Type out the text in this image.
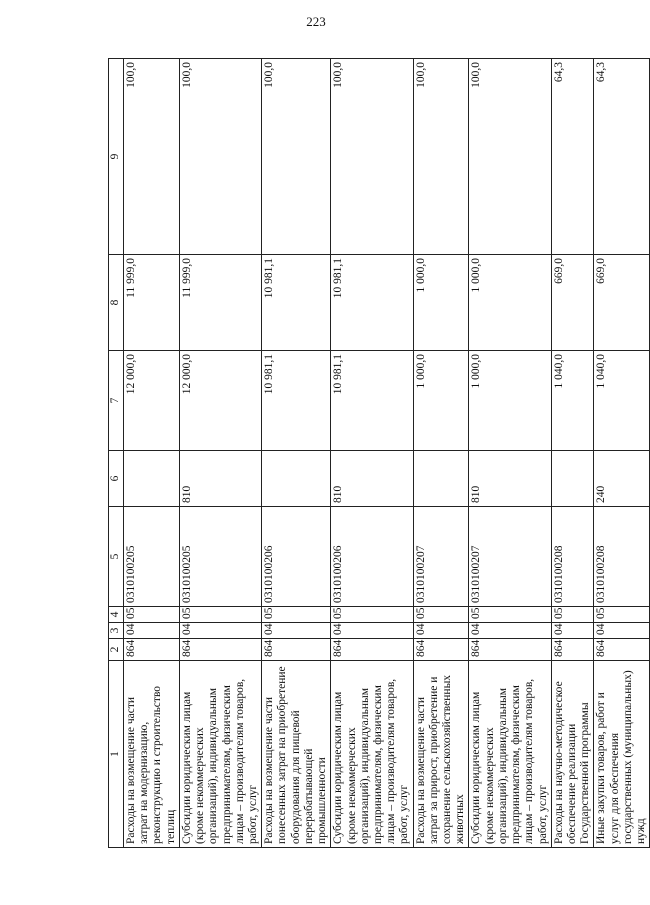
223
1	2	3	4	5	6	7	8	9
Расходы на возмещение части затрат на модернизацию, реконструкцию и строительство теплиц	864	04	05	0310100205		12 000,0	11 999,0	100,0
Субсидии юридическим лицам (кроме некоммерческих организаций), индивидуальным предпринимателям, физическим лицам – производителям товаров, работ, услуг	864	04	05	0310100205	810	12 000,0	11 999,0	100,0
Расходы на возмещение части понесенных затрат на приобретение оборудования для пищевой перерабатывающей промышленности	864	04	05	0310100206		10 981,1	10 981,1	100,0
Субсидии юридическим лицам (кроме некоммерческих организаций), индивидуальным предпринимателям, физическим лицам – производителям товаров, работ, услуг	864	04	05	0310100206	810	10 981,1	10 981,1	100,0
Расходы на возмещение части затрат за прирост, приобретение и сохранение сельскохозяйственных животных	864	04	05	0310100207		1 000,0	1 000,0	100,0
Субсидии юридическим лицам (кроме некоммерческих организаций), индивидуальным предпринимателям, физическим лицам – производителям товаров, работ, услуг	864	04	05	0310100207	810	1 000,0	1 000,0	100,0
Расходы на научно-методическое обеспечение реализации Государственной программы	864	04	05	0310100208		1 040,0	669,0	64,3
Иные закупки товаров, работ и услуг для обеспечения государственных (муниципальных) нужд	864	04	05	0310100208	240	1 040,0	669,0	64,3
